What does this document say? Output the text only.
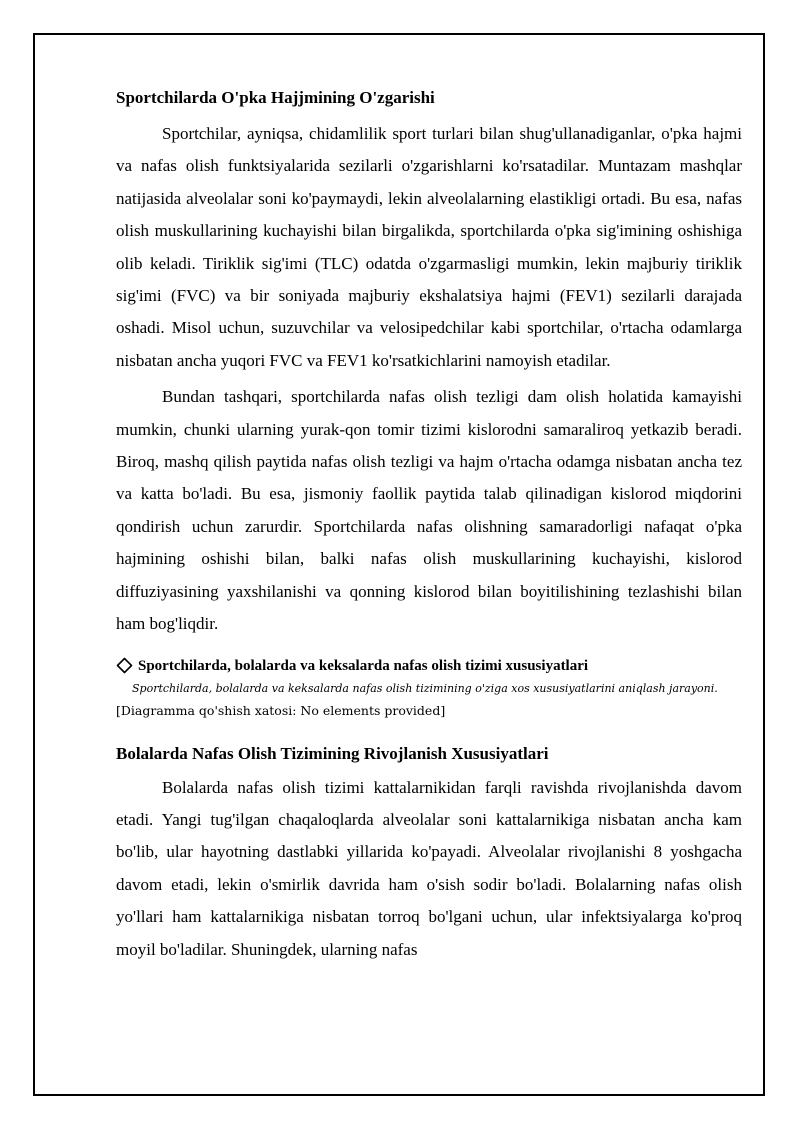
Sportchilarda O'pka Hajjmining O'zgarishi

Sportchilar, ayniqsa, chidamlilik sport turlari bilan shug'ullanadiganlar, o'pka hajmi va nafas olish funktsiyalarida sezilarli o'zgarishlarni ko'rsatadilar. Muntazam mashqlar natijasida alveolalar soni ko'paymaydi, lekin alveolalarning elastikligi ortadi. Bu esa, nafas olish muskullarining kuchayishi bilan birgalikda, sportchilarda o'pka sig'imining oshishiga olib keladi. Tiriklik sig'imi (TLC) odatda o'zgarmasligi mumkin, lekin majburiy tiriklik sig'imi (FVC) va bir soniyada majburiy ekshalatsiya hajmi (FEV1) sezilarli darajada oshadi. Misol uchun, suzuvchilar va velosipedchilar kabi sportchilar, o'rtacha odamlarga nisbatan ancha yuqori FVC va FEV1 ko'rsatkichlarini namoyish etadilar.

Bundan tashqari, sportchilarda nafas olish tezligi dam olish holatida kamayishi mumkin, chunki ularning yurak-qon tomir tizimi kislorodni samaraliroq yetkazib beradi. Biroq, mashq qilish paytida nafas olish tezligi va hajm o'rtacha odamga nisbatan ancha tez va katta bo'ladi. Bu esa, jismoniy faollik paytida talab qilinadigan kislorod miqdorini qondirish uchun zarurdir. Sportchilarda nafas olishning samaradorligi nafaqat o'pka hajmining oshishi bilan, balki nafas olish muskullarining kuchayishi, kislorod diffuziyasining yaxshilanishi va qonning kislorod bilan boyitilishining tezlashishi bilan ham bog'liqdir.

Sportchilarda, bolalarda va keksalarda nafas olish tizimi xususiyatlari
Sportchilarda, bolalarda va keksalarda nafas olish tizimining o'ziga xos xususiyatlarini aniqlash jarayoni.
[Diagramma qo'shish xatosi: No elements provided]
Bolalarda Nafas Olish Tizimining Rivojlanish Xususiyatlari

Bolalarda nafas olish tizimi kattalarnikidan farqli ravishda rivojlanishda davom etadi. Yangi tug'ilgan chaqaloqlarda alveolalar soni kattalarnikiga nisbatan ancha kam bo'lib, ular hayotning dastlabki yillarida ko'payadi. Alveolalar rivojlanishi 8 yoshgacha davom etadi, lekin o'smirlik davrida ham o'sish sodir bo'ladi. Bolalarning nafas olish yo'llari ham kattalarnikiga nisbatan torroq bo'lgani uchun, ular infektsiyalarga ko'proq moyil bo'ladilar. Shuningdek, ularning nafas
